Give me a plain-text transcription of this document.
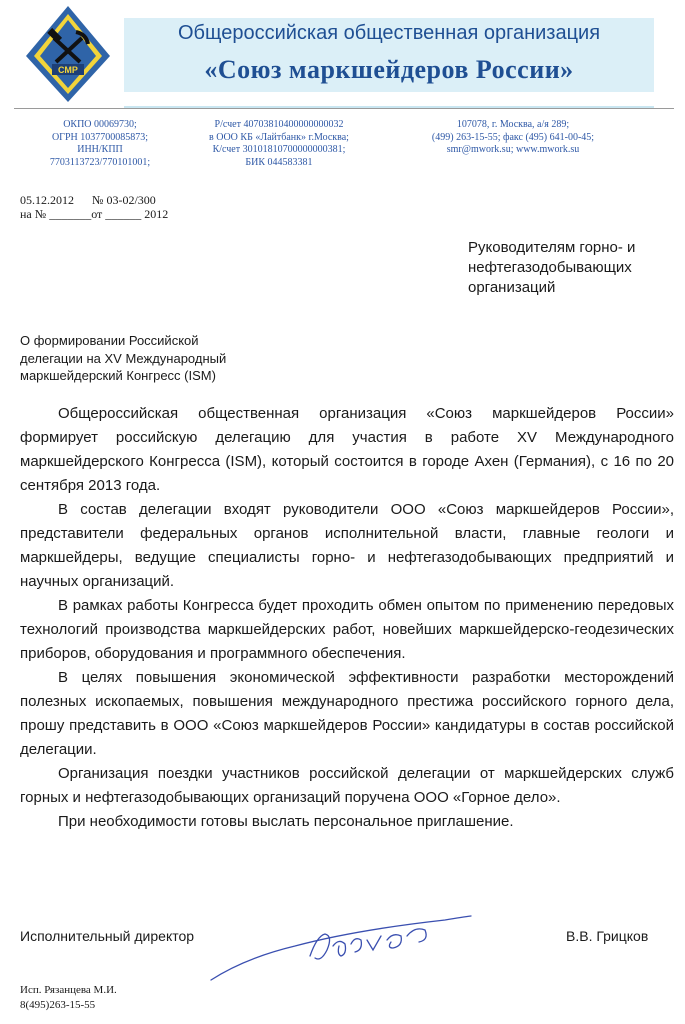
СМР
Общероссийская общественная организация
«Союз маркшейдеров России»
ОКПО 00069730;
ОГРН 1037700085873;
ИНН/КПП
7703113723/770101001;
Р/счет 40703810400000000032
в ООО КБ «Лайтбанк» г.Москва;
К/счет 30101810700000000381;
БИК 044583381
107078, г. Москва, а/я 289;
(499) 263-15-55; факс (495) 641-00-45;
smr@mwork.su; www.mwork.su
05.12.2012 № 03-02/300
на № _______от ______ 2012
Руководителям горно- и
нефтегазодобывающих
организаций
О формировании Российской
делегации на XV Международный
маркшейдерский Конгресс (ISM)

Общероссийская общественная организация «Союз маркшейдеров России» формирует российскую делегацию для участия в работе XV Международного маркшейдерского Конгресса (ISM), который состоится в городе Ахен (Германия), с 16 по 20 сентября 2013 года.

В состав делегации входят руководители ООО «Союз маркшейдеров России», представители федеральных органов исполнительной власти, главные геологи и маркшейдеры, ведущие специалисты горно- и нефтегазодобывающих предприятий и научных организаций.

В рамках работы Конгресса будет проходить обмен опытом по применению передовых технологий производства маркшейдерских работ, новейших маркшейдерско-геодезических приборов, оборудования и программного обеспечения.

В целях повышения экономической эффективности разработки месторождений полезных ископаемых, повышения международного престижа российского горного дела, прошу представить в ООО «Союз маркшейдеров России» кандидатуры в состав российской делегации.

Организация поездки участников российской делегации от маркшейдерских служб горных и нефтегазодобывающих организаций поручена ООО «Горное дело».

При необходимости готовы выслать персональное приглашение.

Исполнительный директор	В.В. Грицков
Исп. Рязанцева М.И.
8(495)263-15-55
